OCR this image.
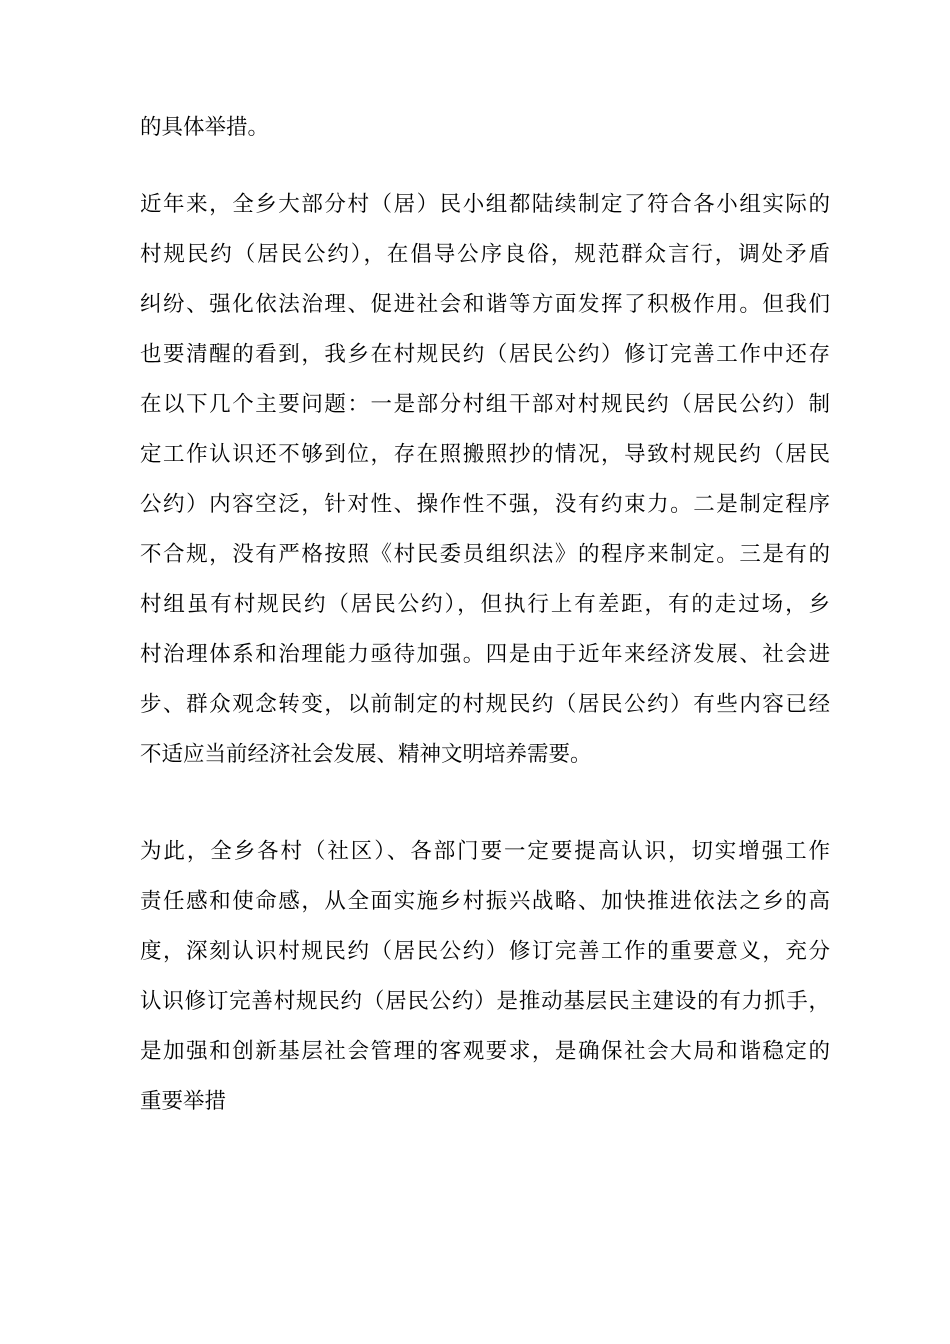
的具体举措。
近年来，全乡大部分村（居）民小组都陆续制定了符合各小组实际的
村规民约（居民公约），在倡导公序良俗，规范群众言行，调处矛盾
纠纷、强化依法治理、促进社会和谐等方面发挥了积极作用。但我们
也要清醒的看到，我乡在村规民约（居民公约）修订完善工作中还存
在以下几个主要问题：一是部分村组干部对村规民约（居民公约）制
定工作认识还不够到位，存在照搬照抄的情况，导致村规民约（居民
公约）内容空泛，针对性、操作性不强，没有约束力。二是制定程序
不合规，没有严格按照《村民委员组织法》的程序来制定。三是有的
村组虽有村规民约（居民公约），但执行上有差距，有的走过场，乡
村治理体系和治理能力亟待加强。四是由于近年来经济发展、社会进
步、群众观念转变，以前制定的村规民约（居民公约）有些内容已经
不适应当前经济社会发展、精神文明培养需要。
为此，全乡各村（社区）、各部门要一定要提高认识，切实增强工作
责任感和使命感，从全面实施乡村振兴战略、加快推进依法之乡的高
度，深刻认识村规民约（居民公约）修订完善工作的重要意义，充分
认识修订完善村规民约（居民公约）是推动基层民主建设的有力抓手，
是加强和创新基层社会管理的客观要求，是确保社会大局和谐稳定的
重要举措
